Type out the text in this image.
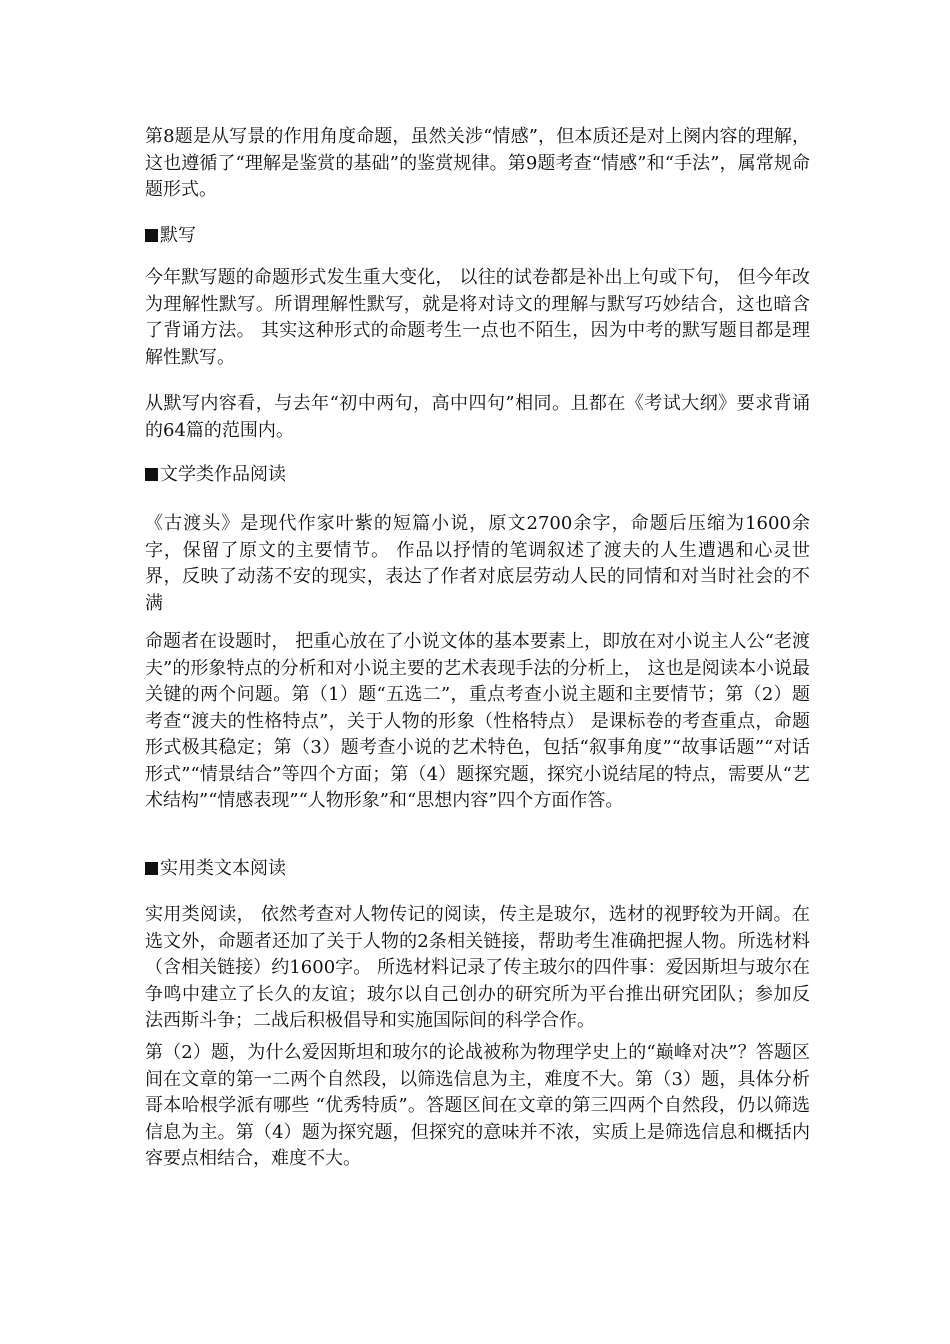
第8题是从写景的作用角度命题，虽然关涉“情感”，但本质还是对上阕内容的理解， 这也遵循了“理解是鉴赏的基础”的鉴赏规律。第9题考查“情感”和“手法”，属常规命题形式。

默写

今年默写题的命题形式发生重大变化， 以往的试卷都是补出上句或下句， 但今年改为理解性默写。所谓理解性默写，就是将对诗文的理解与默写巧妙结合，这也暗含了背诵方法。 其实这种形式的命题考生一点也不陌生，因为中考的默写题目都是理解性默写。

从默写内容看，与去年“初中两句，高中四句”相同。且都在《考试大纲》要求背诵的64篇的范围内。

文学类作品阅读

《古渡头》是现代作家叶紫的短篇小说，原文2700余字，命题后压缩为1600余字，保留了原文的主要情节。 作品以抒情的笔调叙述了渡夫的人生遭遇和心灵世界，反映了动荡不安的现实，表达了作者对底层劳动人民的同情和对当时社会的不满

命题者在设题时， 把重心放在了小说文体的基本要素上，即放在对小说主人公“老渡夫”的形象特点的分析和对小说主要的艺术表现手法的分析上， 这也是阅读本小说最关键的两个问题。第（1）题“五选二”，重点考查小说主题和主要情节；第（2）题考查“渡夫的性格特点”，关于人物的形象（性格特点） 是课标卷的考查重点，命题形式极其稳定；第（3）题考查小说的艺术特色，包括“叙事角度”“故事话题”“对话形式”“情景结合”等四个方面；第（4）题探究题，探究小说结尾的特点，需要从“艺术结构”“情感表现”“人物形象”和“思想内容”四个方面作答。

实用类文本阅读

实用类阅读， 依然考查对人物传记的阅读，传主是玻尔，选材的视野较为开阔。在选文外，命题者还加了关于人物的2条相关链接，帮助考生准确把握人物。所选材料（含相关链接）约1600字。 所选材料记录了传主玻尔的四件事：爱因斯坦与玻尔在争鸣中建立了长久的友谊；玻尔以自己创办的研究所为平台推出研究团队；参加反法西斯斗争；二战后积极倡导和实施国际间的科学合作。

第（2）题，为什么爱因斯坦和玻尔的论战被称为物理学史上的“巅峰对决”？答题区间在文章的第一二两个自然段，以筛选信息为主，难度不大。第（3）题，具体分析哥本哈根学派有哪些 “优秀特质”。答题区间在文章的第三四两个自然段，仍以筛选信息为主。第（4）题为探究题，但探究的意味并不浓，实质上是筛选信息和概括内容要点相结合，难度不大。
